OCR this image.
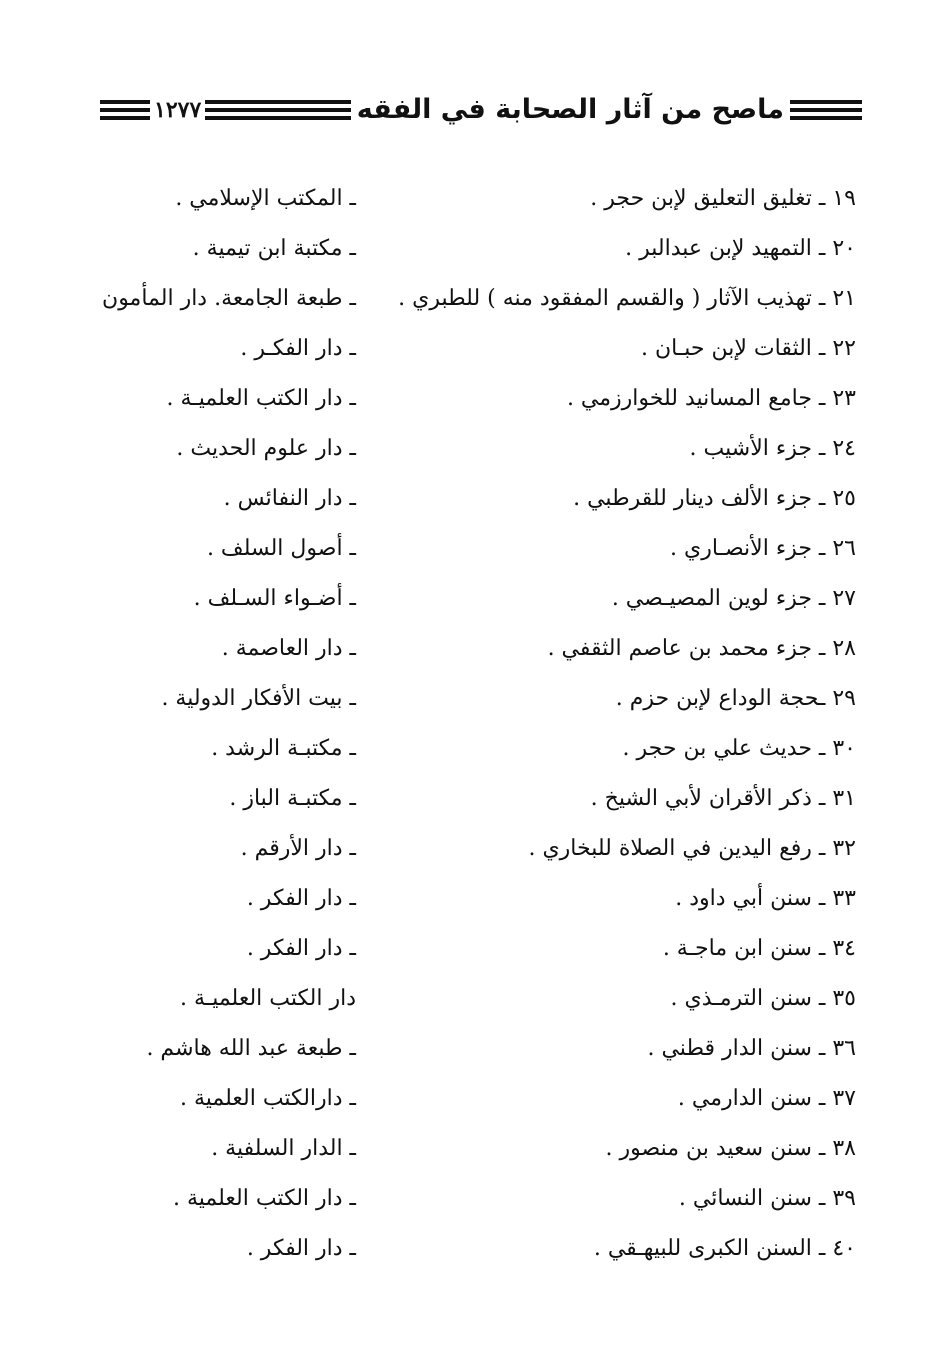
ماصح من آثار الصحابة في الفقه
١٢٧٧
١٩ ـ تغليق التعليق لإبن حجر .
ـ المكتب الإسلامي .
٢٠ ـ التمهيد لإبن عبدالبر .
ـ مكتبة ابن تيمية .
٢١ ـ تهذيب الآثار ( والقسم المفقود منه ) للطبري .
ـ طبعة الجامعة. دار المأمون
٢٢ ـ الثقات لإبن حبـان .
ـ دار الفكـر .
٢٣ ـ جامع المسانيد للخوارزمي .
ـ دار الكتب العلميـة .
٢٤ ـ جزء الأشيب .
ـ دار علوم الحديث .
٢٥ ـ جزء الألف دينار للقرطبي .
ـ دار النفائس .
٢٦ ـ جزء الأنصـاري .
ـ أصول السلف .
٢٧ ـ جزء لوين المصيـصي .
ـ أضـواء السـلف .
٢٨ ـ جزء محمد بن عاصم الثقفي .
ـ دار العاصمة .
٢٩ ـحجة الوداع لإبن حزم .
ـ بيت الأفكار الدولية .
٣٠ ـ حديث علي بن حجر .
ـ مكتبـة الرشد .
٣١ ـ ذكر الأقران لأبي الشيخ .
ـ مكتبـة الباز .
٣٢ ـ رفع اليدين في الصلاة للبخاري .
ـ دار الأرقم .
٣٣ ـ سنن أبي داود .
ـ دار الفكر .
٣٤ ـ سنن ابن ماجـة .
ـ دار الفكر .
٣٥ ـ سنن الترمـذي .
دار الكتب العلميـة .
٣٦ ـ سنن الدار قطني .
ـ طبعة عبد الله هاشم .
٣٧ ـ سنن الدارمي .
ـ دارالكتب العلمية .
٣٨ ـ سنن سعيد بن منصور .
ـ الدار السلفية .
٣٩ ـ سنن النسائي .
ـ دار الكتب العلمية .
٤٠ ـ السنن الكبرى للبيهـقي .
ـ دار الفكر .
